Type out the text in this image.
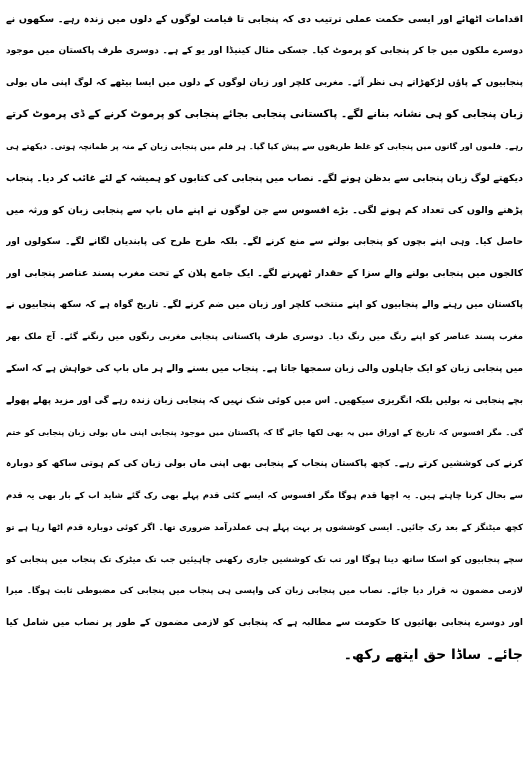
اقدامات اٹھائے اور ایسی حکمت عملی ترتیب دی کہ پنجابی تا قیامت لوگوں کے دلوں میں زندہ رہے۔ سکھوں نے
دوسرے ملکوں میں جا کر پنجابی کو پرموٹ کیا۔ جسکی مثال کینیڈا اور یو کے ہے۔ دوسری طرف پاکستان میں موجود
پنجابیوں کے پاؤں لڑکھڑاتے ہی نظر آئے۔ مغربی کلچر اور زبان لوگوں کے دلوں میں ایسا بیٹھے کہ لوگ اپنی ماں بولی
زبان پنجابی کو ہی نشانہ بنانے لگے۔ پاکستانی پنجابی بجائے پنجابی کو پرموٹ کرنے کے ڈی پرموٹ کرتے
رہے۔ فلموں اور گانوں میں پنجابی کو غلط طریقوں سے پیش کیا گیا۔ ہر فلم میں پنجابی زبان کے منہ پر طمانچہ ہوتی۔ دیکھتے ہی
دیکھتے لوگ زبان پنجابی سے بدظن ہونے لگے۔ نصاب میں پنجابی کی کتابوں کو ہمیشہ کے لئے غائب کر دیا۔ پنجاب
پڑھنے والوں کی تعداد کم ہونے لگی۔ بڑے افسوس سے جن لوگوں نے اپنے ماں باپ سے پنجابی زبان کو ورثہ میں
حاصل کیا۔ وہی اپنے بچوں کو پنجابی بولنے سے منع کرنے لگے۔ بلکہ طرح طرح کی پابندیاں لگانے لگے۔ سکولوں اور
کالجوں میں پنجابی بولنے والے سزا کے حقدار ٹھہرنے لگے۔ ایک جامع پلان کے تحت مغرب پسند عناصر پنجابی اور
پاکستان میں رہنے والے پنجابیوں کو اپنے منتخب کلچر اور زبان میں ضم کرنے لگے۔ تاریخ گواہ ہے کہ سکھ پنجابیوں نے
مغرب پسند عناصر کو اپنے رنگ میں رنگ دیا۔ دوسری طرف پاکستانی پنجابی مغربی رنگوں میں رنگنے گئے۔ آج ملک بھر
میں پنجابی زبان کو ایک جاہلوں والی زبان سمجھا جاتا ہے۔ پنجاب میں بسنے والے ہر ماں باپ کی خواہش ہے کہ اسکے
بچے پنجابی نہ بولیں بلکہ انگریزی سیکھیں۔ اس میں کوئی شک نہیں کہ پنجابی زبان زندہ رہے گی اور مزید پھلے پھولے
گی۔ مگر افسوس کہ تاریخ کے اوراق میں یہ بھی لکھا جائے گا کہ پاکستان میں موجود پنجابی اپنی ماں بولی زبان پنجابی کو ختم
کرنے کی کوششیں کرتے رہے۔ کچھ پاکستان پنجاب کے پنجابی بھی اپنی ماں بولی زبان کی کم ہوتی ساکھ کو دوبارہ
سے بحال کرنا چاہتے ہیں۔ یہ اچھا قدم ہوگا مگر افسوس کہ ایسے کئی قدم پہلے بھی رک گئے شاید اب کے بار بھی یہ قدم
کچھ میٹنگز کے بعد رک جائیں۔ ایسی کوششوں پر بہت پہلے ہی عملدرآمد ضروری تھا۔ اگر کوئی دوبارہ قدم اٹھا رہا ہے تو
سچے پنجابیوں کو اسکا ساتھ دینا ہوگا اور تب تک کوششیں جاری رکھنی چاہیئیں جب تک میٹرک تک پنجاب میں پنجابی کو
لازمی مضمون نہ قرار دیا جائے۔ نصاب میں پنجابی زبان کی واپسی ہی پنجاب میں پنجابی کی مضبوطی ثابت ہوگا۔ میرا
اور دوسرے پنجابی بھائیوں کا حکومت سے مطالبہ ہے کہ پنجابی کو لازمی مضمون کے طور پر نصاب میں شامل کیا
جائے۔ ساڈا حق ایتھے رکھ۔
